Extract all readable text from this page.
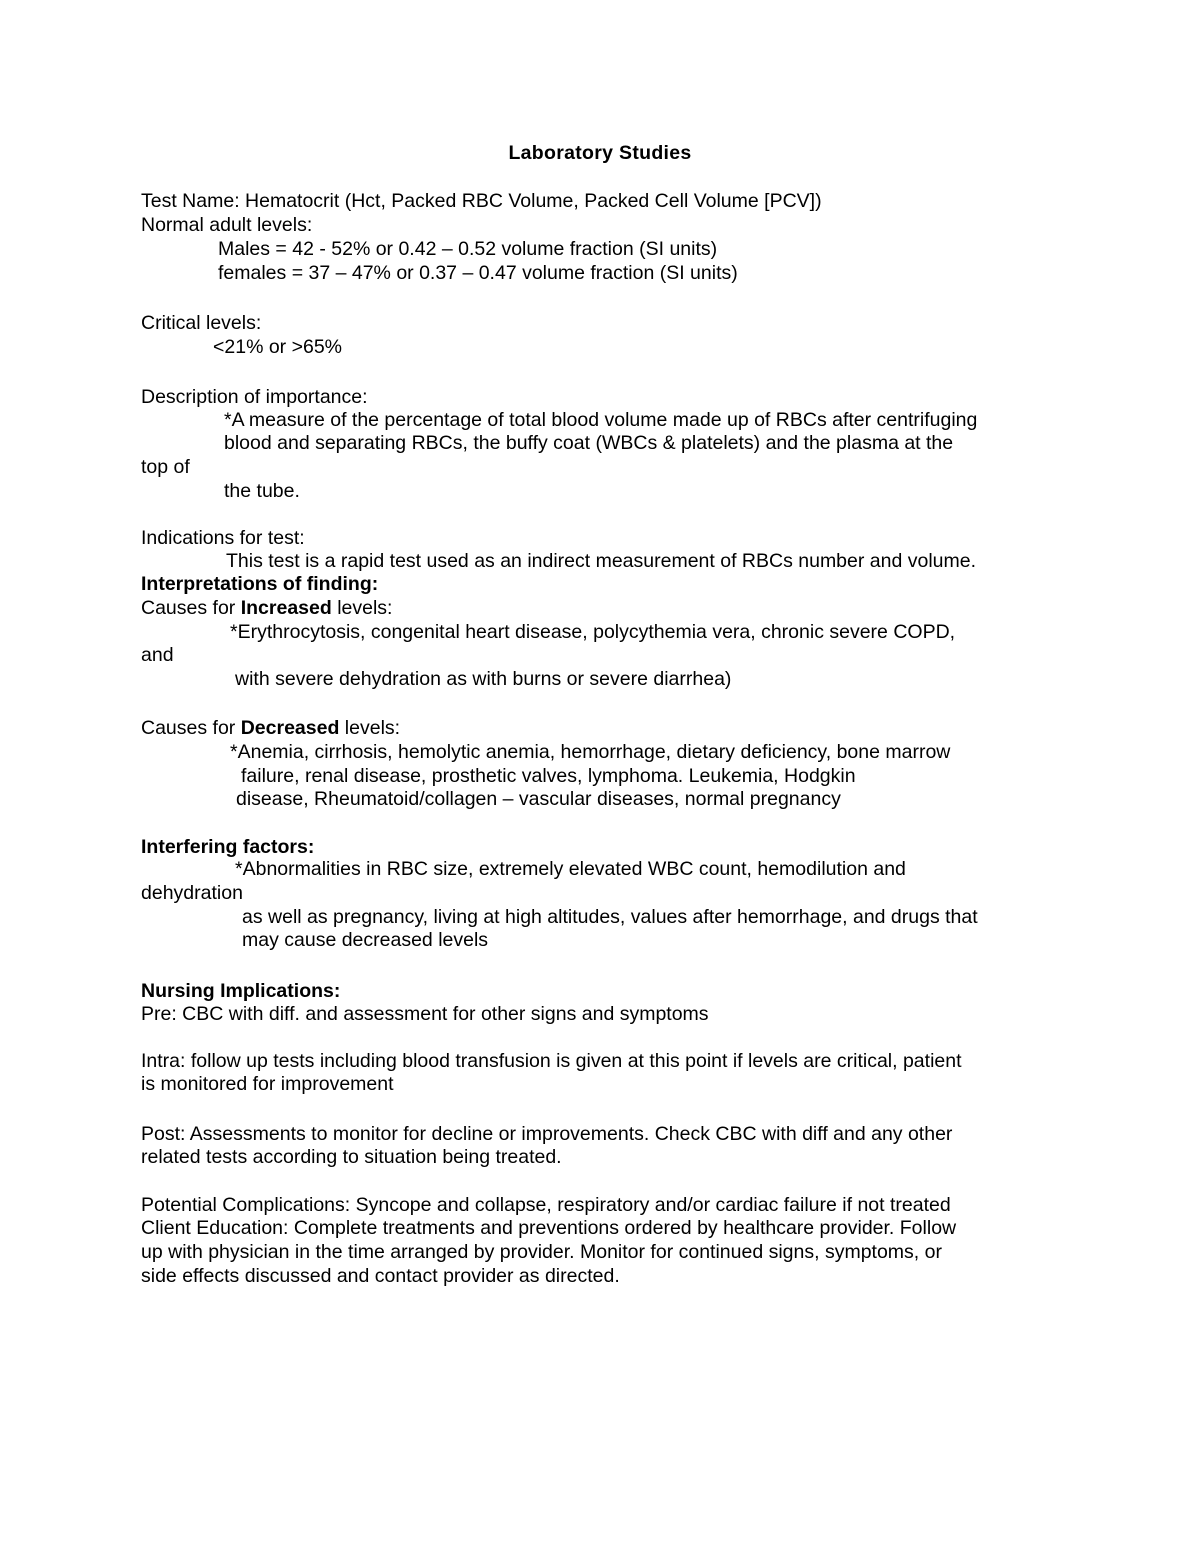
Laboratory Studies
Test Name: Hematocrit (Hct, Packed RBC Volume, Packed Cell Volume [PCV])
Normal adult levels:
Males = 42 - 52% or 0.42 – 0.52 volume fraction (SI units)
females = 37 – 47% or 0.37 – 0.47 volume fraction (SI units)
Critical levels:
<21% or >65%
Description of importance:
*A measure of the percentage of total blood volume made up of RBCs after centrifuging
blood and separating RBCs, the buffy coat (WBCs & platelets) and the plasma at the
top of
the tube.
Indications for test:
This test is a rapid test used as an indirect measurement of RBCs number and volume.
Interpretations of finding:
Causes for Increased levels:
*Erythrocytosis, congenital heart disease, polycythemia vera, chronic severe COPD,
and
with severe dehydration as with burns or severe diarrhea)
Causes for Decreased levels:
*Anemia, cirrhosis, hemolytic anemia, hemorrhage, dietary deficiency, bone marrow
failure, renal disease, prosthetic valves, lymphoma. Leukemia, Hodgkin
disease, Rheumatoid/collagen – vascular diseases, normal pregnancy
Interfering factors:
*Abnormalities in RBC size, extremely elevated WBC count, hemodilution and
dehydration
as well as pregnancy, living at high altitudes, values after hemorrhage, and drugs that
may cause decreased levels
Nursing Implications:
Pre: CBC with diff. and assessment for other signs and symptoms
Intra: follow up tests including blood transfusion is given at this point if levels are critical, patient
is monitored for improvement
Post: Assessments to monitor for decline or improvements. Check CBC with diff and any other
related tests according to situation being treated.
Potential Complications: Syncope and collapse, respiratory and/or cardiac failure if not treated
Client Education: Complete treatments and preventions ordered by healthcare provider. Follow
up with physician in the time arranged by provider. Monitor for continued signs, symptoms, or
side effects discussed and contact provider as directed.
